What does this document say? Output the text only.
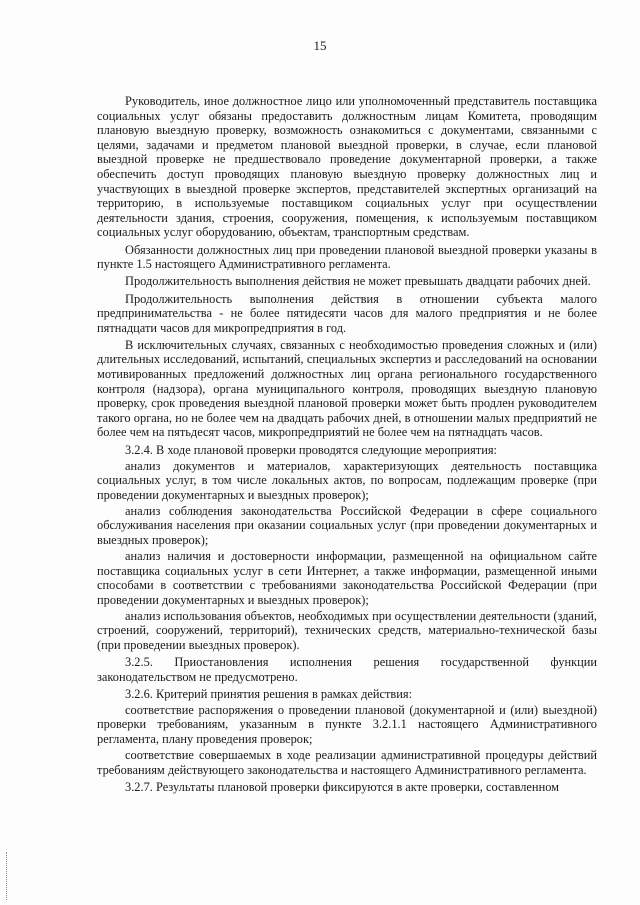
15

Руководитель, иное должностное лицо или уполномоченный представитель поставщика социальных услуг обязаны предоставить должностным лицам Комитета, проводящим плановую выездную проверку, возможность ознакомиться с документами, связанными с целями, задачами и предметом плановой выездной проверки, в случае, если плановой выездной проверке не предшествовало проведение документарной проверки, а также обеспечить доступ проводящих плановую выездную проверку должностных лиц и участвующих в выездной проверке экспертов, представителей экспертных организаций на территорию, в используемые поставщиком социальных услуг при осуществлении деятельности здания, строения, сооружения, помещения, к используемым поставщиком социальных услуг оборудованию, объектам, транспортным средствам.

Обязанности должностных лиц при проведении плановой выездной проверки указаны в пункте 1.5 настоящего Административного регламента.

Продолжительность выполнения действия не может превышать двадцати рабочих дней.

Продолжительность выполнения действия в отношении субъекта малого предпринимательства - не более пятидесяти часов для малого предприятия и не более пятнадцати часов для микропредприятия в год.

В исключительных случаях, связанных с необходимостью проведения сложных и (или) длительных исследований, испытаний, специальных экспертиз и расследований на основании мотивированных предложений должностных лиц органа регионального государственного контроля (надзора), органа муниципального контроля, проводящих выездную плановую проверку, срок проведения выездной плановой проверки может быть продлен руководителем такого органа, но не более чем на двадцать рабочих дней, в отношении малых предприятий не более чем на пятьдесят часов, микропредприятий не более чем на пятнадцать часов.

3.2.4. В ходе плановой проверки проводятся следующие мероприятия:

анализ документов и материалов, характеризующих деятельность поставщика социальных услуг, в том числе локальных актов, по вопросам, подлежащим проверке (при проведении документарных и выездных проверок);

анализ соблюдения законодательства Российской Федерации в сфере социального обслуживания населения при оказании социальных услуг (при проведении документарных и выездных проверок);

анализ наличия и достоверности информации, размещенной на официальном сайте поставщика социальных услуг в сети Интернет, а также информации, размещенной иными способами в соответствии с требованиями законодательства Российской Федерации (при проведении документарных и выездных проверок);

анализ использования объектов, необходимых при осуществлении деятельности (зданий, строений, сооружений, территорий), технических средств, материально-технической базы (при проведении выездных проверок).

3.2.5. Приостановления исполнения решения государственной функции законодательством не предусмотрено.

3.2.6. Критерий принятия решения в рамках действия:

соответствие распоряжения о проведении плановой (документарной и (или) выездной) проверки требованиям, указанным в пункте 3.2.1.1 настоящего Административного регламента, плану проведения проверок;

соответствие совершаемых в ходе реализации административной процедуры действий требованиям действующего законодательства и настоящего Административного регламента.

3.2.7. Результаты плановой проверки фиксируются в акте проверки, составленном
